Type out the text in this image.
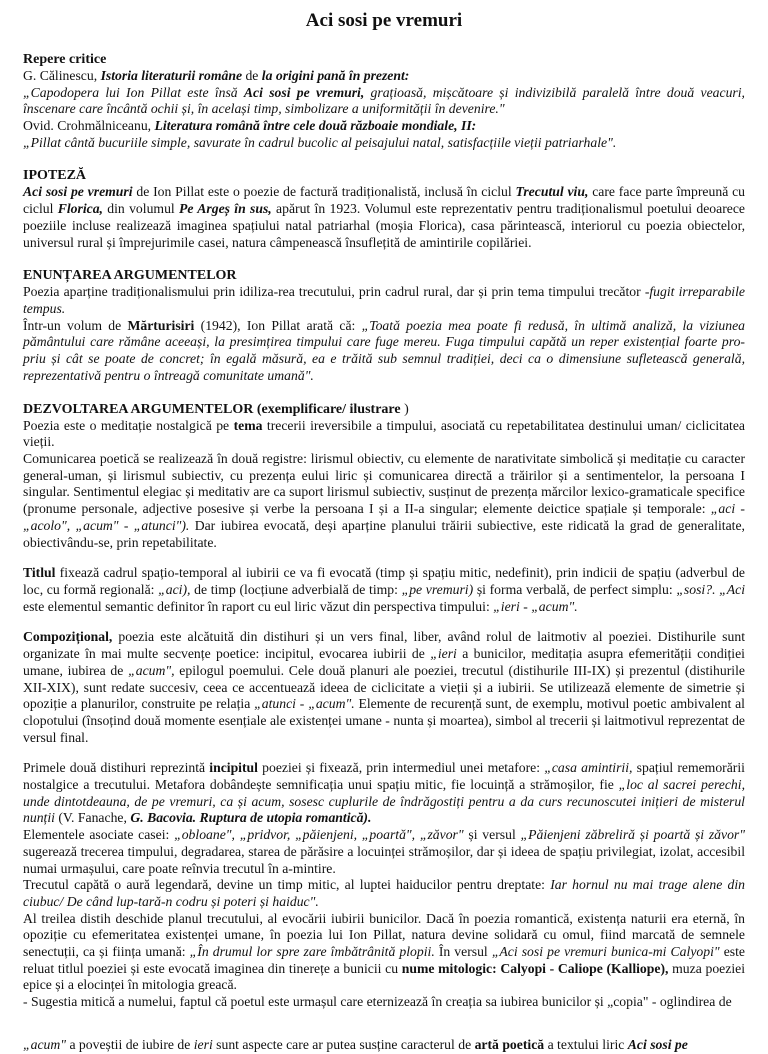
Aci sosi pe vremuri
Repere critice

G. Călinescu, Istoria literaturii române de la origini pană în prezent:

„Capodopera lui Ion Pillat este însă Aci sosi pe vremuri, grațioasă, mișcătoare și indivizibilă paralelă între două veacuri, înscenare care încântă ochii și, în același timp, simbolizare a uniformității în devenire."

Ovid. Crohmălniceanu, Literatura română între cele două războaie mondiale, II:

„Pillat cântă bucuriile simple, savurate în cadrul bucolic al peisajului natal, satisfacțiile vieții patriarhale".

IPOTEZĂ

Aci sosi pe vremuri de Ion Pillat este o poezie de factură tradiționalistă, inclusă în ciclul Trecutul viu, care face parte împreună cu ciclul Florica, din volumul Pe Argeș în sus, apărut în 1923. Volumul este reprezentativ pentru tradiționalismul poetului deoarece poeziile incluse realizează imaginea spațiului natal patriarhal (moșia Florica), casa părintească, interiorul cu poezia obiectelor, universul rural și împrejurimile casei, natura câmpenească însuflețită de amintirile copilăriei.

ENUNȚAREA ARGUMENTELOR

Poezia aparține tradiționalismului prin idiliza-rea trecutului, prin cadrul rural, dar și prin tema timpului trecător -fugit irreparabile tempus.

Într-un volum de Mărturisiri (1942), Ion Pillat arată că: „Toată poezia mea poate fi redusă, în ultimă analiză, la viziunea pământului care rămâne aceeași, la presimțirea timpului care fuge mereu. Fuga timpului capătă un reper existențial foarte pro-priu și cât se poate de concret; în egală măsură, ea e trăită sub semnul tradiției, deci ca o dimensiune sufletească generală, reprezentativă pentru o întreagă comunitate umană".

DEZVOLTAREA ARGUMENTELOR (exemplificare/ ilustrare )

Poezia este o meditație nostalgică pe tema trecerii ireversibile a timpului, asociată cu repetabilitatea destinului uman/ ciclicitatea vieții.

Comunicarea poetică se realizează în două registre: lirismul obiectiv, cu elemente de narativitate simbolică și meditație cu caracter general-uman, și lirismul subiectiv, cu prezența eului liric și comunicarea directă a trăirilor și a sentimentelor, la persoana I singular. Sentimentul elegiac și meditativ are ca suport lirismul subiectiv, susținut de prezența mărcilor lexico-gramaticale specifice (pronume personale, adjective posesive și verbe la persoana I și a II-a singular; elemente deictice spațiale și temporale: „aci -„acolo", „acum" - „atunci"). Dar iubirea evocată, deși aparține planului trăirii subiective, este ridicată la grad de generalitate, obiectivându-se, prin repetabilitate.

Titlul fixează cadrul spațio-temporal al iubirii ce va fi evocată (timp și spațiu mitic, nedefinit), prin indicii de spațiu (adverbul de loc, cu formă regională: „aci), de timp (locțiune adverbială de timp: „pe vremuri) și forma verbală, de perfect simplu: „sosi?. „Aci este elementul semantic definitor în raport cu eul liric văzut din perspectiva timpului: „ieri - „acum".

Compozițional, poezia este alcătuită din distihuri și un vers final, liber, având rolul de laitmotiv al poeziei. Distihurile sunt organizate în mai multe secvențe poetice: incipitul, evocarea iubirii de „ieri a bunicilor, meditația asupra efemerității condiției umane, iubirea de „acum", epilogul poemului. Cele două planuri ale poeziei, trecutul (distihurile III-IX) și prezentul (distihurile XII-XIX), sunt redate succesiv, ceea ce accentuează ideea de ciclicitate a vieții și a iubirii. Se utilizează elemente de simetrie și opoziție a planurilor, construite pe relația „atunci - „acum". Elemente de recurență sunt, de exemplu, motivul poetic ambivalent al clopotului (însoțind două momente esențiale ale existenței umane - nunta și moartea), simbol al trecerii și laitmotivul reprezentat de versul final.

Primele două distihuri reprezintă incipitul poeziei și fixează, prin intermediul unei metafore: „casa amintirii, spațiul rememorării nostalgice a trecutului. Metafora dobândește semnificația unui spațiu mitic, fie locuință a strămoșilor, fie „loc al sacrei perechi, unde dintotdeauna, de pe vremuri, ca și acum, sosesc cuplurile de îndrăgostiți pentru a da curs recunoscutei inițieri de misterul nunții (V. Fanache, G. Bacovia. Ruptura de utopia romantică).

Elementele asociate casei: „obloane", „pridvor, „păienjeni, „poartă", „zăvor" și versul „Păienjeni zăbreliră și poartă și zăvor" sugerează trecerea timpului, degradarea, starea de părăsire a locuinței strămoșilor, dar și ideea de spațiu privilegiat, izolat, accesibil numai urmașului, care poate reînvia trecutul în a-mintire.

Trecutul capătă o aură legendară, devine un timp mitic, al luptei haiducilor pentru dreptate: Iar hornul nu mai trage alene din ciubuc/ De când lup-tară-n codru și poteri și haiduc".

Al treilea distih deschide planul trecutului, al evocării iubirii bunicilor. Dacă în poezia romantică, existența naturii era eternă, în opoziție cu efemeritatea existenței umane, în poezia lui Ion Pillat, natura devine solidară cu omul, fiind marcată de semnele senectuții, ca și ființa umană: „În drumul lor spre zare îmbătrânită plopii. În versul „Aci sosi pe vremuri bunica-mi Calyopi" este reluat titlul poeziei și este evocată imaginea din tinerețe a bunicii cu nume mitologic: Calyopi - Caliope (Kalliope), muza poeziei epice și a elocinței în mitologia greacă.

- Sugestia mitică a numelui, faptul că poetul este urmașul care eternizează în creația sa iubirea bunicilor și „copia" - oglindirea de

„acum" a poveștii de iubire de ieri sunt aspecte care ar putea susține caracterul de artă poetică a textului liric Aci sosi pe
